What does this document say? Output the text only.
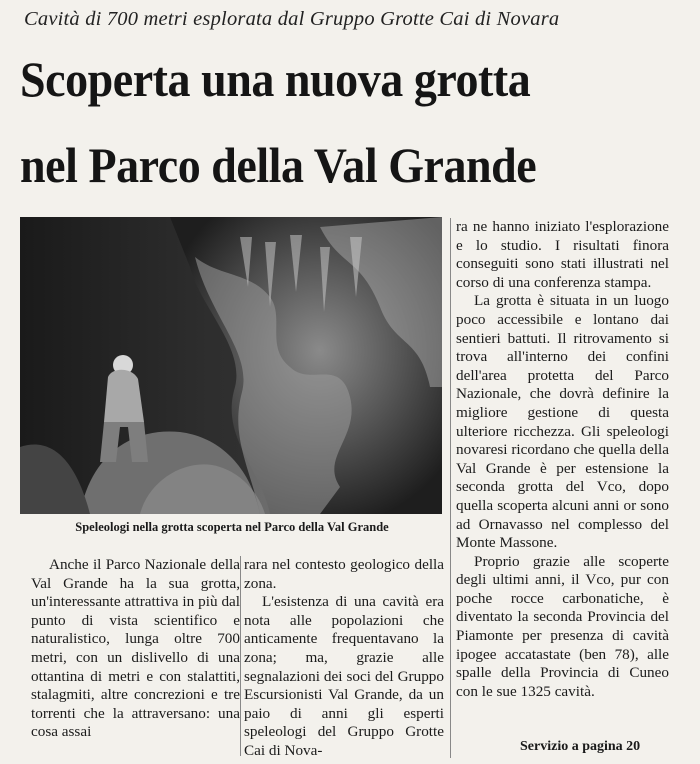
Cavità di 700 metri esplorata dal Gruppo Grotte Cai di Novara
Scoperta una nuova grotta
nel Parco della Val Grande
Speleologi nella grotta scoperta nel Parco della Val Grande

Anche il Parco Nazionale della Val Grande ha la sua grotta, un'interessante attrattiva in più dal punto di vista scientifico e naturalistico, lunga oltre 700 metri, con un dislivello di una ottantina di metri e con stalattiti, stalagmiti, altre concrezioni e tre torrenti che la attraversano: una cosa assai

rara nel contesto geologico della zona.

L'esistenza di una cavità era nota alle popolazioni che anticamente frequentavano la zona; ma, grazie alle segnalazioni dei soci del Gruppo Escursionisti Val Grande, da un paio di anni gli esperti speleologi del Gruppo Grotte Cai di Nova-

ra ne hanno iniziato l'esplorazione e lo studio. I risultati finora conseguiti sono stati illustrati nel corso di una conferenza stampa.

La grotta è situata in un luogo poco accessibile e lontano dai sentieri battuti. Il ritrovamento si trova all'interno dei confini dell'area protetta del Parco Nazionale, che dovrà definire la migliore gestione di questa ulteriore ricchezza. Gli speleologi novaresi ricordano che quella della Val Grande è per estensione la seconda grotta del Vco, dopo quella scoperta alcuni anni or sono ad Ornavasso nel complesso del Monte Massone.

Proprio grazie alle scoperte degli ultimi anni, il Vco, pur con poche rocce carbonatiche, è diventato la seconda Provincia del Piamonte per presenza di cavità ipogee accatastate (ben 78), alle spalle della Provincia di Cuneo con le sue 1325 cavità.

Servizio a pagina 20
